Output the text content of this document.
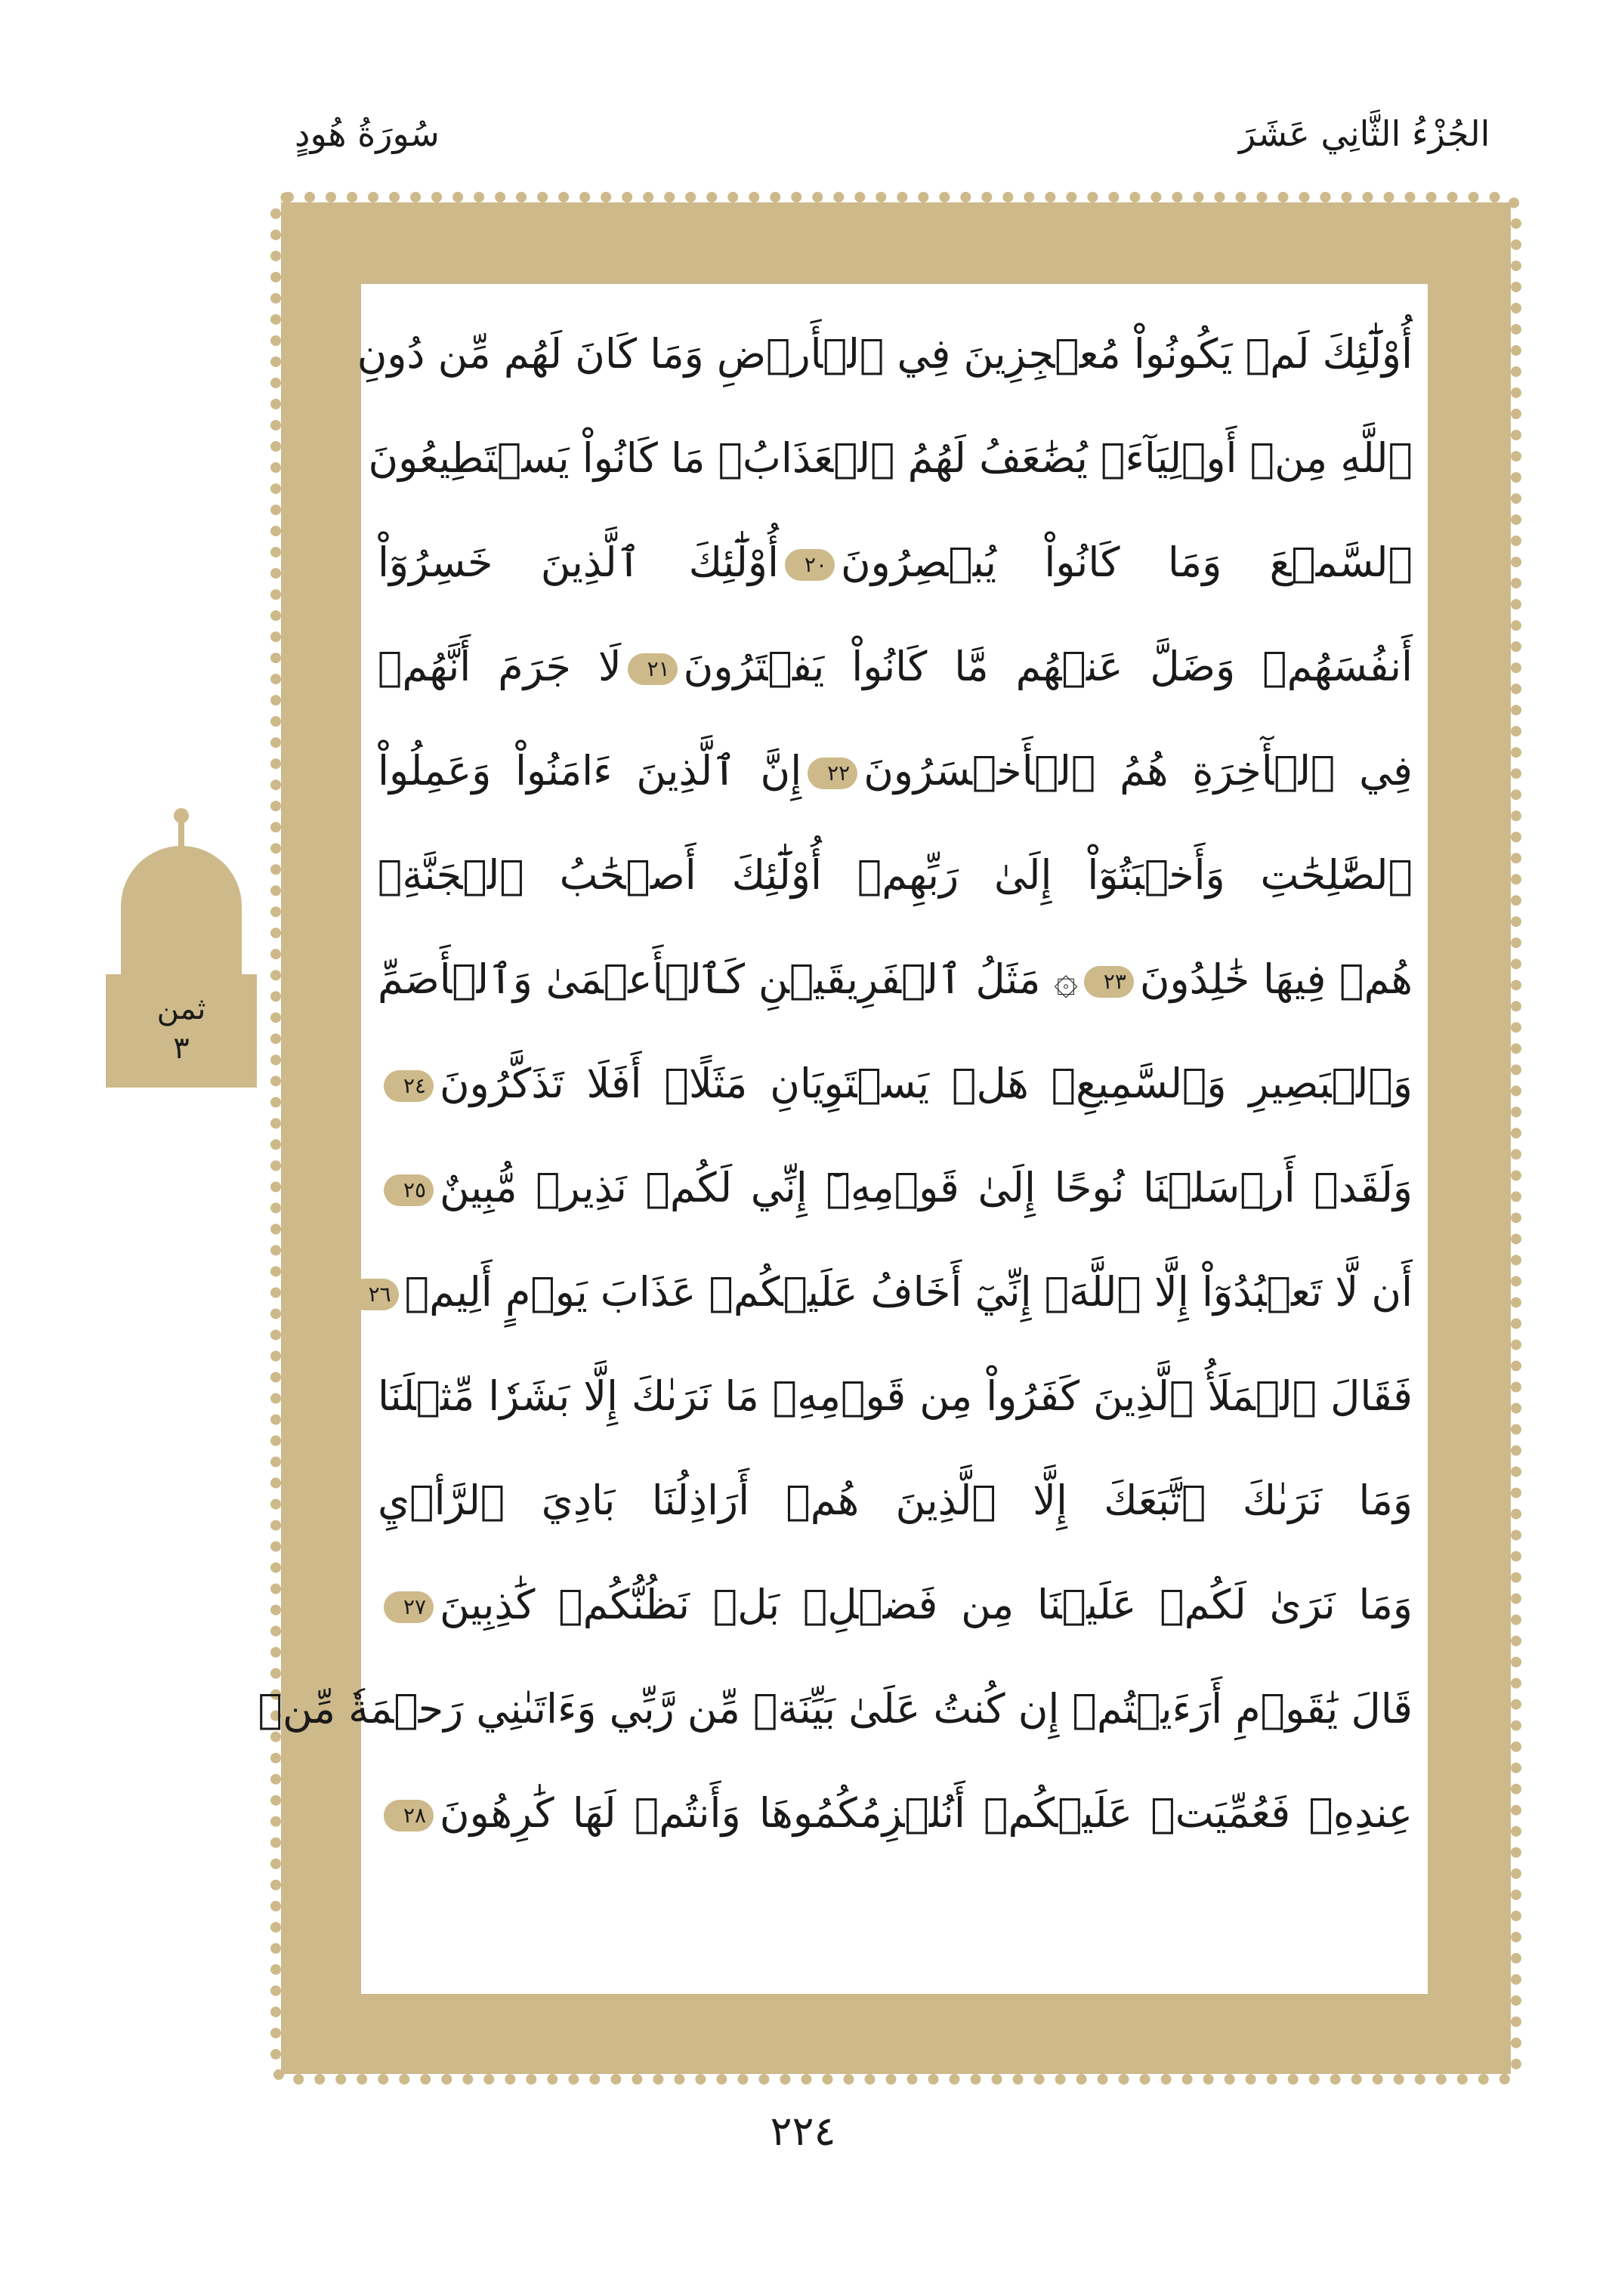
الجُزْءُ الثَّانِي عَشَرَ
سُورَةُ هُودٍ
أُوْلَٰٓئِكَ لَمۡ يَكُونُواْ مُعۡجِزِينَ فِي ٱلۡأَرۡضِ وَمَا كَانَ لَهُم مِّن دُونِ
ٱللَّهِ مِنۡ أَوۡلِيَآءَۘ يُضَٰعَفُ لَهُمُ ٱلۡعَذَابُۚ مَا كَانُواْ يَسۡتَطِيعُونَ
ٱلسَّمۡعَ وَمَا كَانُواْ يُبۡصِرُونَ٢٠أُوْلَٰٓئِكَ ٱلَّذِينَ خَسِرُوٓاْ
أَنفُسَهُمۡ وَضَلَّ عَنۡهُم مَّا كَانُواْ يَفۡتَرُونَ٢١لَا جَرَمَ أَنَّهُمۡ
فِي ٱلۡأٓخِرَةِ هُمُ ٱلۡأَخۡسَرُونَ٢٢إِنَّ ٱلَّذِينَ ءَامَنُواْ وَعَمِلُواْ
ٱلصَّٰلِحَٰتِ وَأَخۡبَتُوٓاْ إِلَىٰ رَبِّهِمۡ أُوْلَٰٓئِكَ أَصۡحَٰبُ ٱلۡجَنَّةِۖ
هُمۡ فِيهَا خَٰلِدُونَ٢٣۞ مَثَلُ ٱلۡفَرِيقَيۡنِ كَٱلۡأَعۡمَىٰ وَٱلۡأَصَمِّ
وَٱلۡبَصِيرِ وَٱلسَّمِيعِۚ هَلۡ يَسۡتَوِيَانِ مَثَلًاۚ أَفَلَا تَذَكَّرُونَ٢٤
وَلَقَدۡ أَرۡسَلۡنَا نُوحًا إِلَىٰ قَوۡمِهِۦٓ إِنِّي لَكُمۡ نَذِيرٞ مُّبِينٌ٢٥
أَن لَّا تَعۡبُدُوٓاْ إِلَّا ٱللَّهَۖ إِنِّيٓ أَخَافُ عَلَيۡكُمۡ عَذَابَ يَوۡمٍ أَلِيمٖ٢٦
فَقَالَ ٱلۡمَلَأُ ٱلَّذِينَ كَفَرُواْ مِن قَوۡمِهِۦ مَا نَرَىٰكَ إِلَّا بَشَرٗا مِّثۡلَنَا
وَمَا نَرَىٰكَ ٱتَّبَعَكَ إِلَّا ٱلَّذِينَ هُمۡ أَرَاذِلُنَا بَادِيَ ٱلرَّأۡيِ
وَمَا نَرَىٰ لَكُمۡ عَلَيۡنَا مِن فَضۡلِۭ بَلۡ نَظُنُّكُمۡ كَٰذِبِينَ٢٧
قَالَ يَٰقَوۡمِ أَرَءَيۡتُمۡ إِن كُنتُ عَلَىٰ بَيِّنَةٖ مِّن رَّبِّي وَءَاتَىٰنِي رَحۡمَةٗ مِّنۡ
عِندِهِۦ فَعُمِّيَتۡ عَلَيۡكُمۡ أَنُلۡزِمُكُمُوهَا وَأَنتُمۡ لَهَا كَٰرِهُونَ٢٨
ثمن
٣
٢٢٤
